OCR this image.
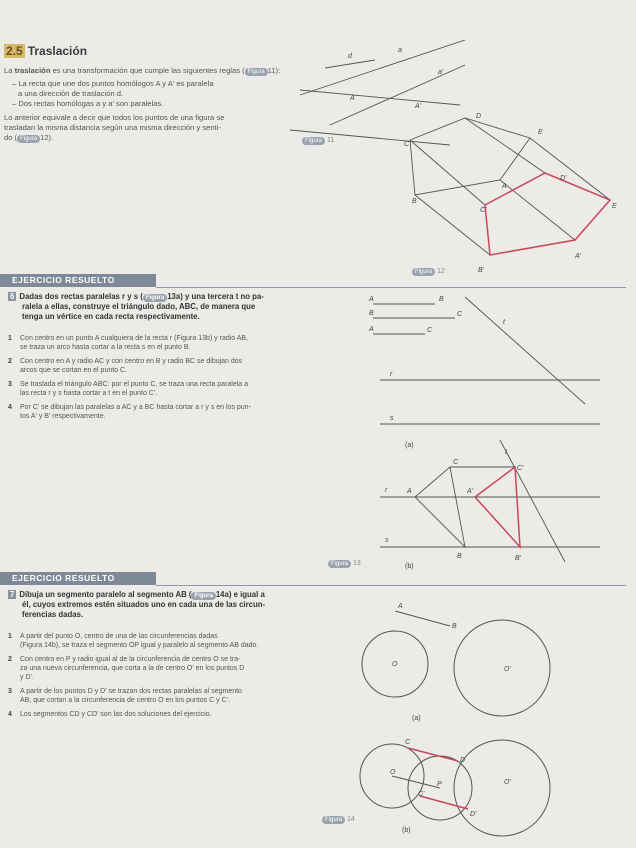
2.5 Traslación
La traslación es una transformación que cumple las siguientes reglas ( Figura 11):
– La recta que une dos puntos homólogos A y A' es paralela
a una dirección de traslación d.
– Dos rectas homólogas a y a' son paralelas.
Lo anterior equivale a decir que todos los puntos de una figura se
trasladan la misma distancia según una misma dirección y senti-
do ( Figura 12).
d
a
a'
A
A'
D
E
C
A
D'
B
C'
E
A'
B'
Figura 11
Figura 12
EJERCICIO RESUELTO
6 Dadas dos rectas paralelas r y s ( Figura 13a) y una tercera t no pa-
ralela a ellas, construye el triángulo dado, ABC, de manera que
tenga un vértice en cada recta respectivamente.
1 Con centro en un punto A cualquiera de la recta r (Figura 13b) y radio AB,
se traza un arco hasta cortar a la recta s en el punto B.
2 Con centro en A y radio AC y con centro en B y radio BC se dibujan dos
arcos que se cortan en el punto C.
3 Se traslada el triángulo ABC: por el punto C, se traza una recta paralela a
las recta r y s hasta cortar a t en el punto C'.
4 Por C' se dibujan las paralelas a AC y a BC hasta cortar a r y s en los pun-
tos A' y B' respectivamente.
A	B
B	C
A	C
t
r
s
(a)
t
C
C'
r	A	A'
s
B	B'
(b)
Figura 13
EJERCICIO RESUELTO
7 Dibuja un segmento paralelo al segmento AB ( Figura 14a) e igual a
él, cuyos extremos estén situados uno en cada una de las circun-
ferencias dadas.
1 A partir del punto O, centro de una de las circunferencias dadas
(Figura 14b), se traza el segmento OP igual y paralelo al segmento AB dado.
2 Con centro en P y radio igual al de la circunferencia de centro O se tra-
za una nueva circunferencia, que corta a la de centro O' en los puntos D
y D'.
3 A partir de los puntos D y D' se trazan dos rectas paralelas al segmento
AB, que cortan a la circunferencia de centro O en los puntos C y C'.
4 Los segmentos CD y CD' son las dos soluciones del ejercicio.
A
B
O
O'
(a)
C
D
O
P	O'
C'
D'
(b)
Figura 14
